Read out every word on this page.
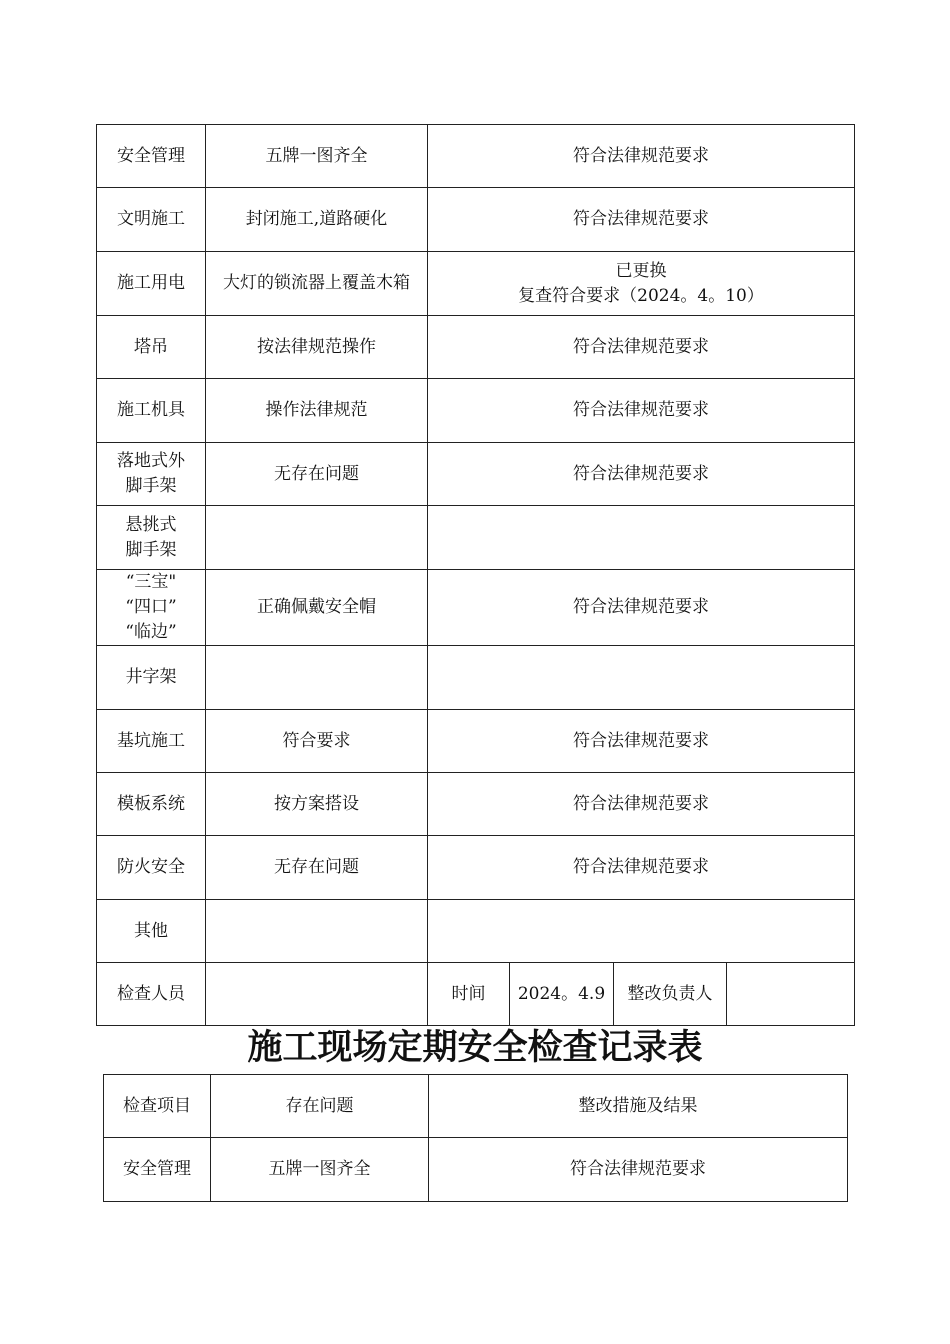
安全管理	五牌一图齐全	符合法律规范要求			
文明施工	封闭施工,道路硬化	符合法律规范要求			
施工用电	大灯的锁流器上覆盖木箱	已更换
复查符合要求（2024。4。10）			

塔吊	按法律规范操作	符合法律规范要求			
施工机具	操作法律规范	符合法律规范要求			
落地式外脚手架	无存在问题	符合法律规范要求			
悬挑式脚手架					

“三宝"
“四口”
“临边”	正确佩戴安全帽	符合法律规范要求			
井字架					
基坑施工	符合要求	符合法律规范要求			
模板系统	按方案搭设	符合法律规范要求			
防火安全	无存在问题	符合法律规范要求			
其他					
检查人员		时间	2024。4.9	整改负责人	
施工现场定期安全检查记录表
检查项目	存在问题	整改措施及结果
安全管理	五牌一图齐全	符合法律规范要求
